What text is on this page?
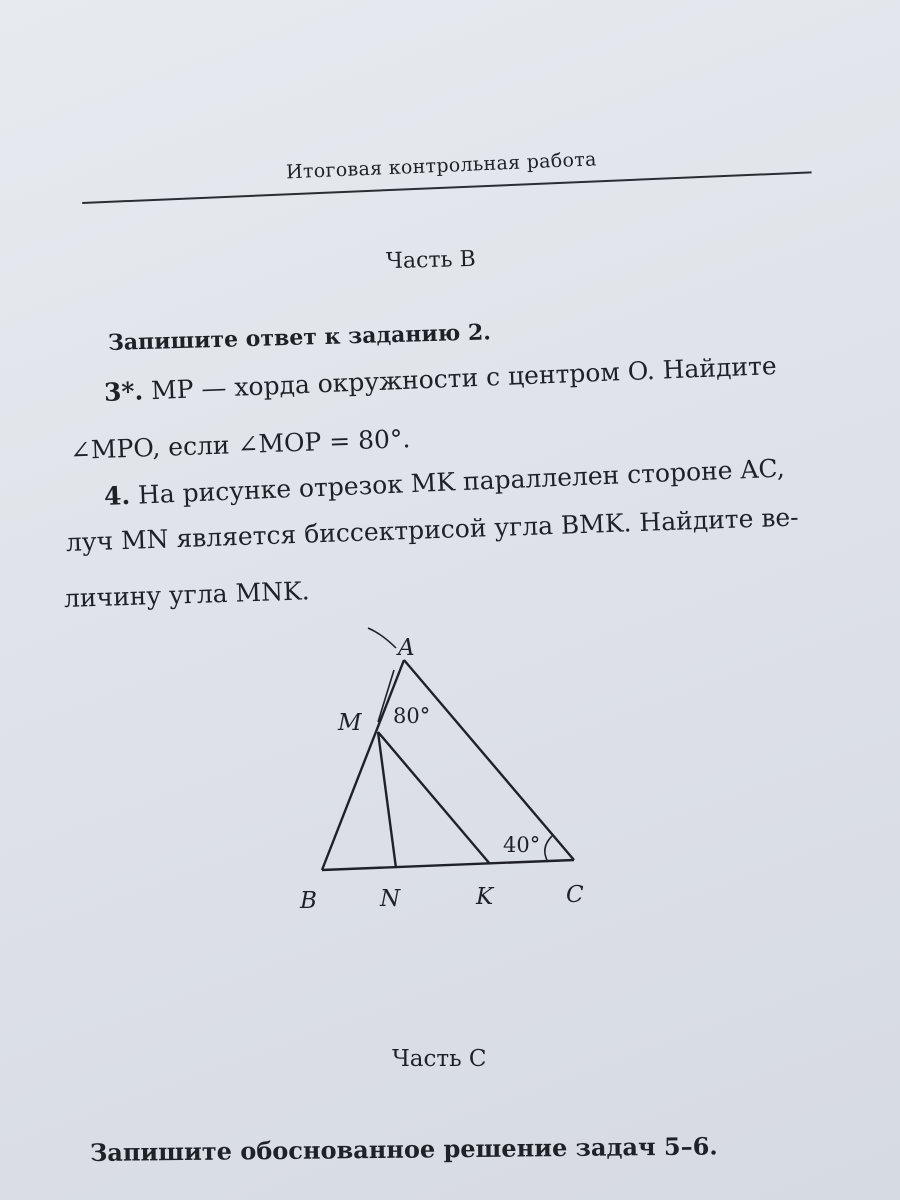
Итоговая контрольная работа
Часть B
Запишите ответ к заданию 2.
3*. MP — хорда окружности с центром O. Найдите
∠MPO, если ∠MOP = 80°.
4. На рисунке отрезок MK параллелен стороне AC,
луч MN является биссектрисой угла BMK. Найдите ве-
личину угла MNK.
A
M
B	N	K	C
80°
40°
Часть C
Запишите обоснованное решение задач 5–6.
